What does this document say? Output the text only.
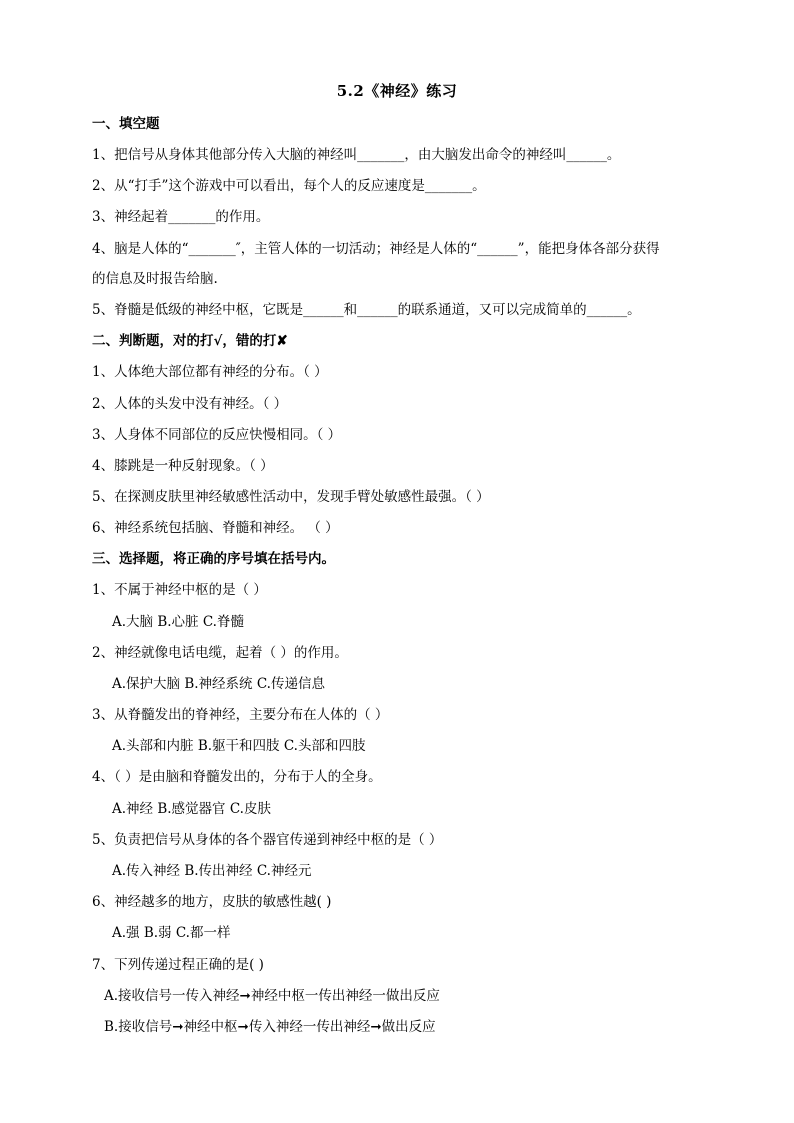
5.2《神经》练习
一、填空题
1、把信号从身体其他部分传入大脑的神经叫_______，由大脑发出命令的神经叫______。
2、从“打手”这个游戏中可以看出，每个人的反应速度是_______。
3、神经起着_______的作用。
4、脑是人体的“_______″，主管人体的一切活动；神经是人体的“______”，能把身体各部分获得
的信息及时报告给脑.
5、脊髓是低级的神经中枢，它既是______和______的联系通道，又可以完成简单的______。
二、判断题，对的打√，错的打✘
1、人体绝大部位都有神经的分布。（ ）
2、人体的头发中没有神经。（ ）
3、人身体不同部位的反应快慢相同。（ ）
4、膝跳是一种反射现象。（ ）
5、在探测皮肤里神经敏感性活动中，发现手臂处敏感性最强。（ ）
6、神经系统包括脑、脊髓和神经。 （ ）
三、选择题，将正确的序号填在括号内。
1、不属于神经中枢的是（ ）
A.大脑 B.心脏 C.脊髓
2、神经就像电话电缆，起着（ ）的作用。
A.保护大脑 B.神经系统 C.传递信息
3、从脊髓发出的脊神经，主要分布在人体的（ ）
A.头部和内脏 B.躯干和四肢 C.头部和四肢
4、（ ）是由脑和脊髓发出的，分布于人的全身。
A.神经 B.感觉器官 C.皮肤
5、负责把信号从身体的各个器官传递到神经中枢的是（ ）
A.传入神经 B.传出神经 C.神经元
6、神经越多的地方，皮肤的敏感性越( )
A.强 B.弱 C.都一样
7、下列传递过程正确的是( )
A.接收信号一传入神经➞神经中枢一传出神经一做出反应
B.接收信号➞神经中枢➞传入神经一传出神经➞做出反应
